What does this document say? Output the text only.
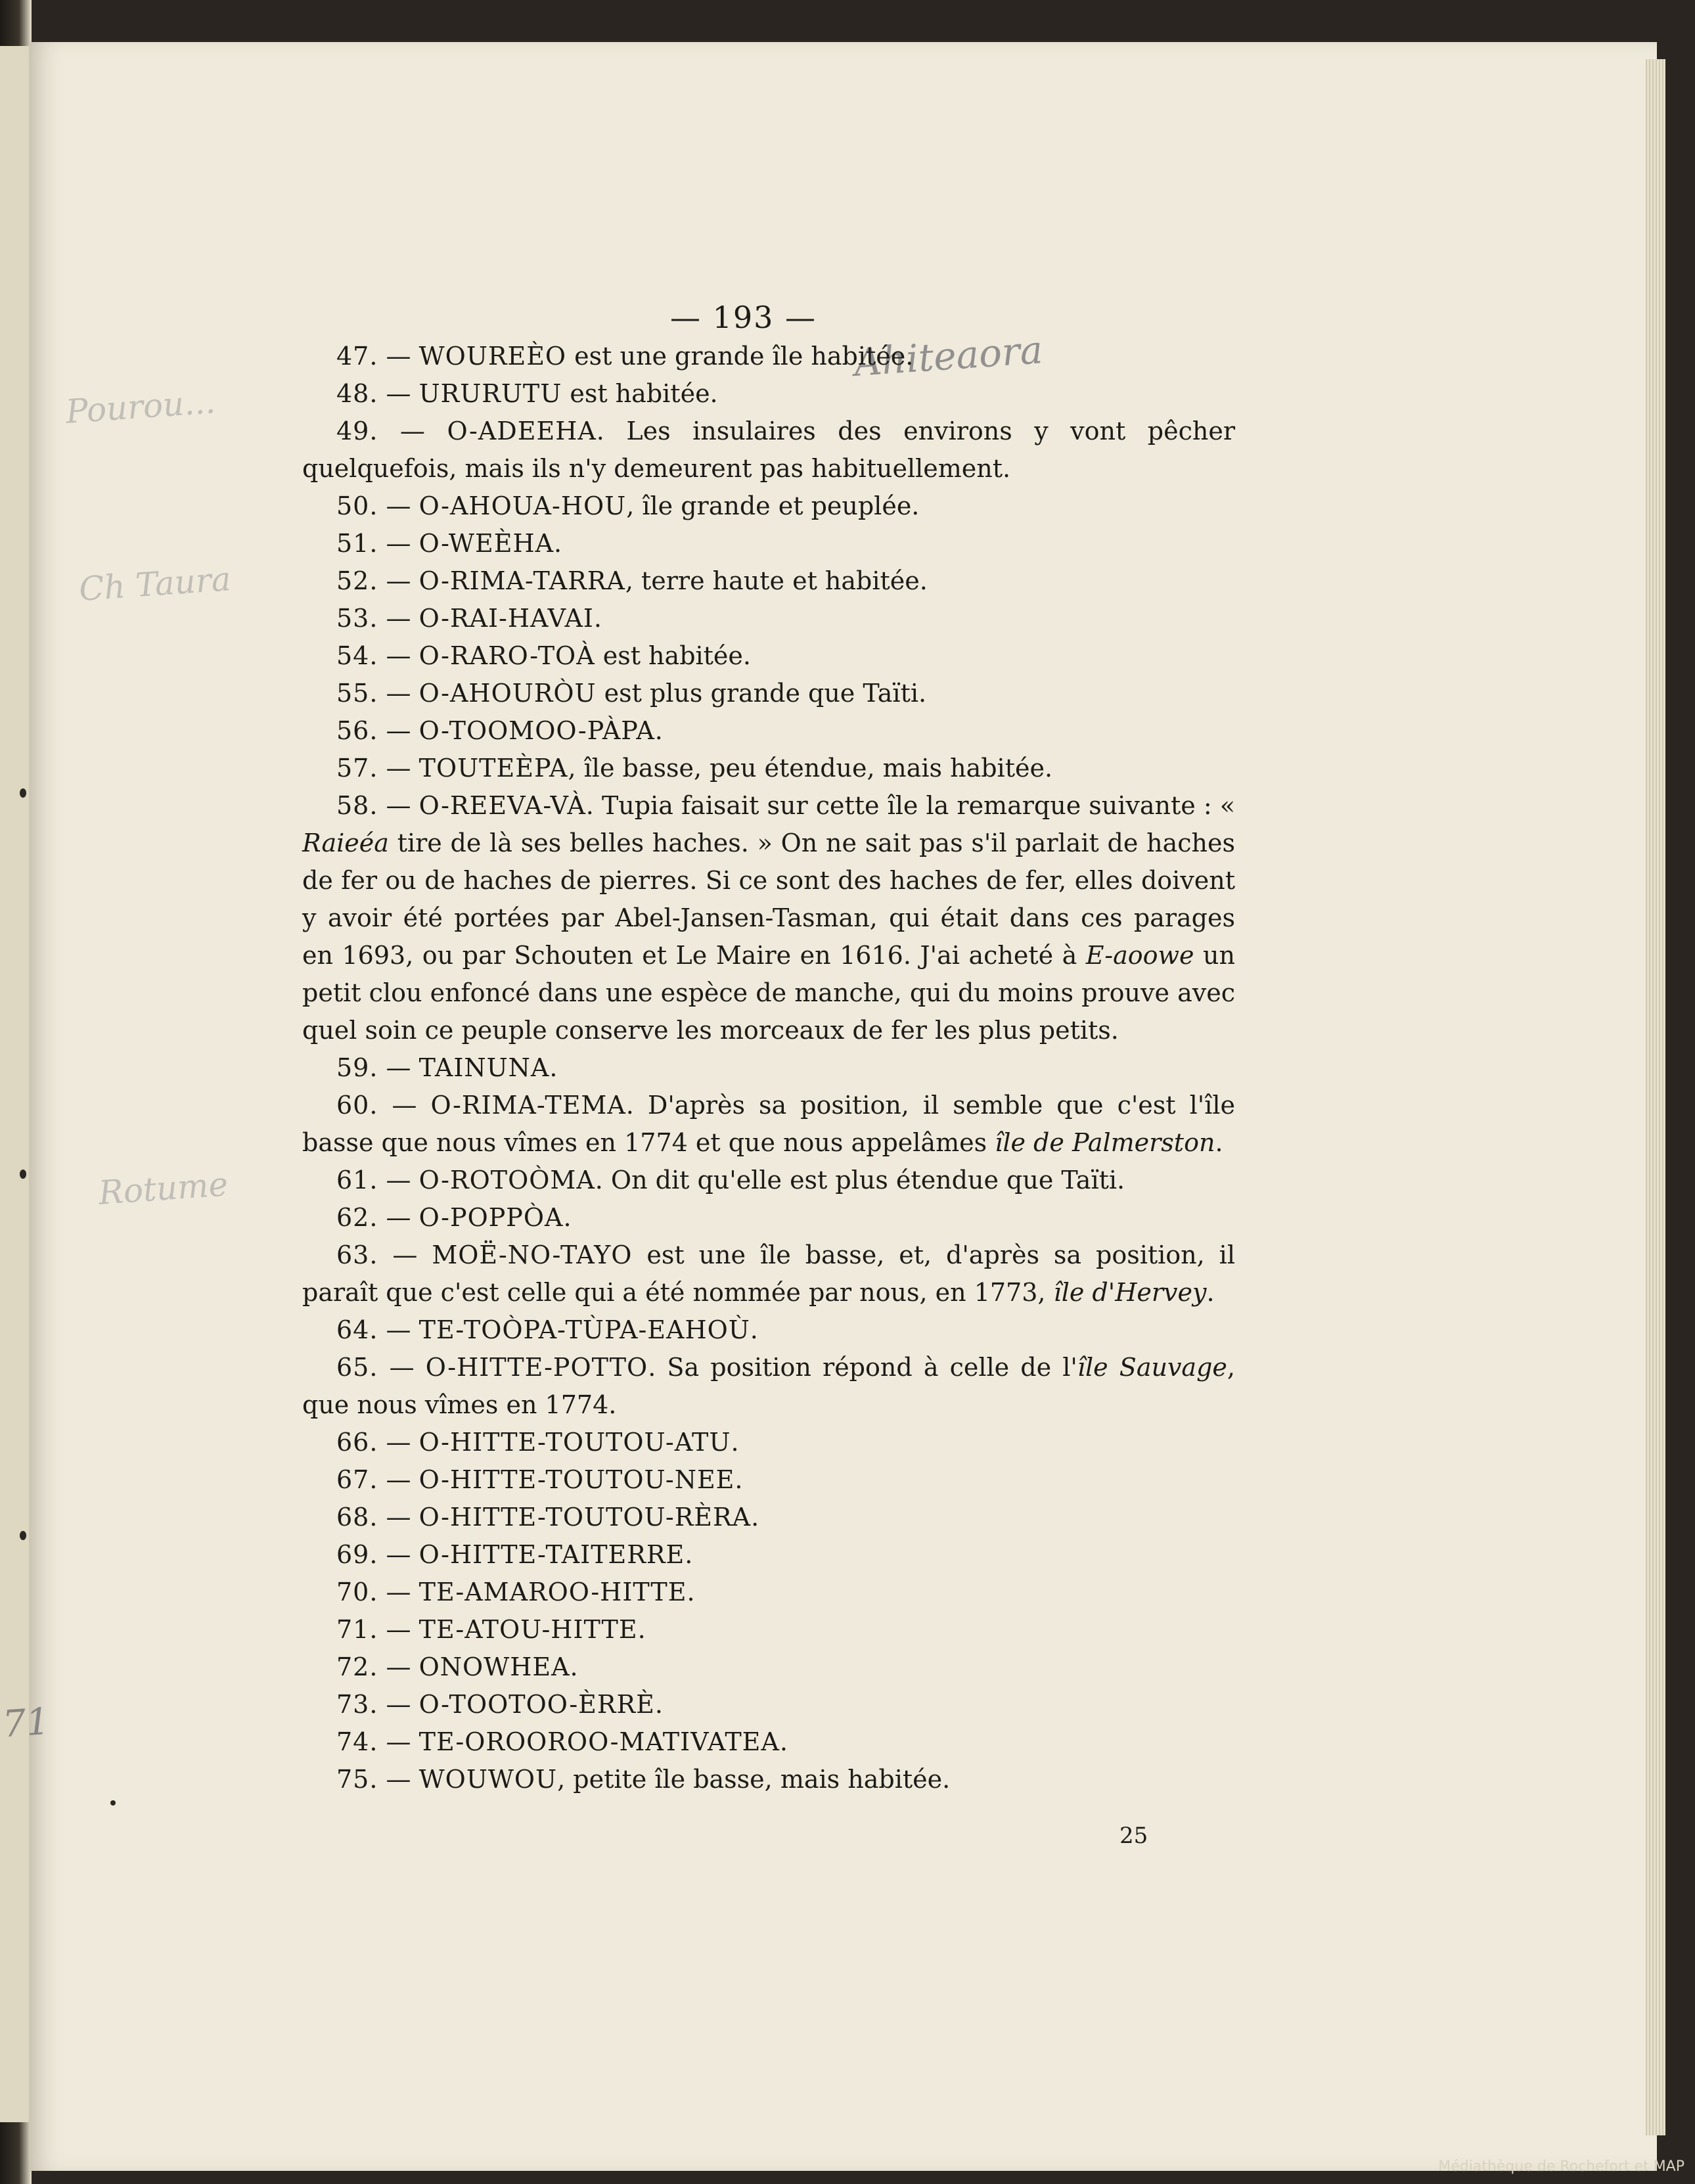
Ahiteaora
Pourou...
Ch Taura
Rotume
71
— 193 —
47. — WOUREÈO est une grande île habitée.
48. — URURUTU est habitée.
49. — O-ADEEHA. Les insulaires des environs y vont pêcher quelquefois, mais ils n'y demeurent pas habituellement.
50. — O-AHOUA-HOU, île grande et peuplée.
51. — O-WEÈHA.
52. — O-RIMA-TARRA, terre haute et habitée.
53. — O-RAI-HAVAI.
54. — O-RARO-TOÀ est habitée.
55. — O-AHOURÒU est plus grande que Taïti.
56. — O-TOOMOO-PÀPA.
57. — TOUTEÈPA, île basse, peu étendue, mais habitée.
58. — O-REEVA-VÀ. Tupia faisait sur cette île la remarque suivante : « Raieéa tire de là ses belles haches. » On ne sait pas s'il parlait de haches de fer ou de haches de pierres. Si ce sont des haches de fer, elles doivent y avoir été portées par Abel-Jansen-Tasman, qui était dans ces parages en 1693, ou par Schouten et Le Maire en 1616. J'ai acheté à E-aoowe un petit clou enfoncé dans une espèce de manche, qui du moins prouve avec quel soin ce peuple conserve les morceaux de fer les plus petits.
59. — TAINUNA.
60. — O-RIMA-TEMA. D'après sa position, il semble que c'est l'île basse que nous vîmes en 1774 et que nous appelâmes île de Palmerston.
61. — O-ROTOÒMA. On dit qu'elle est plus étendue que Taïti.
62. — O-POPPÒA.
63. — MOË-NO-TAYO est une île basse, et, d'après sa position, il paraît que c'est celle qui a été nommée par nous, en 1773, île d'Hervey.
64. — TE-TOÒPA-TÙPA-EAHOÙ.
65. — O-HITTE-POTTO. Sa position répond à celle de l'île Sauvage, que nous vîmes en 1774.
66. — O-HITTE-TOUTOU-ATU.
67. — O-HITTE-TOUTOU-NEE.
68. — O-HITTE-TOUTOU-RÈRA.
69. — O-HITTE-TAITERRE.
70. — TE-AMAROO-HITTE.
71. — TE-ATOU-HITTE.
72. — ONOWHEA.
73. — O-TOOTOO-ÈRRÈ.
74. — TE-OROOROO-MATIVATEA.
75. — WOUWOU, petite île basse, mais habitée.
25
Médiathèque de Rochefort et MAP
